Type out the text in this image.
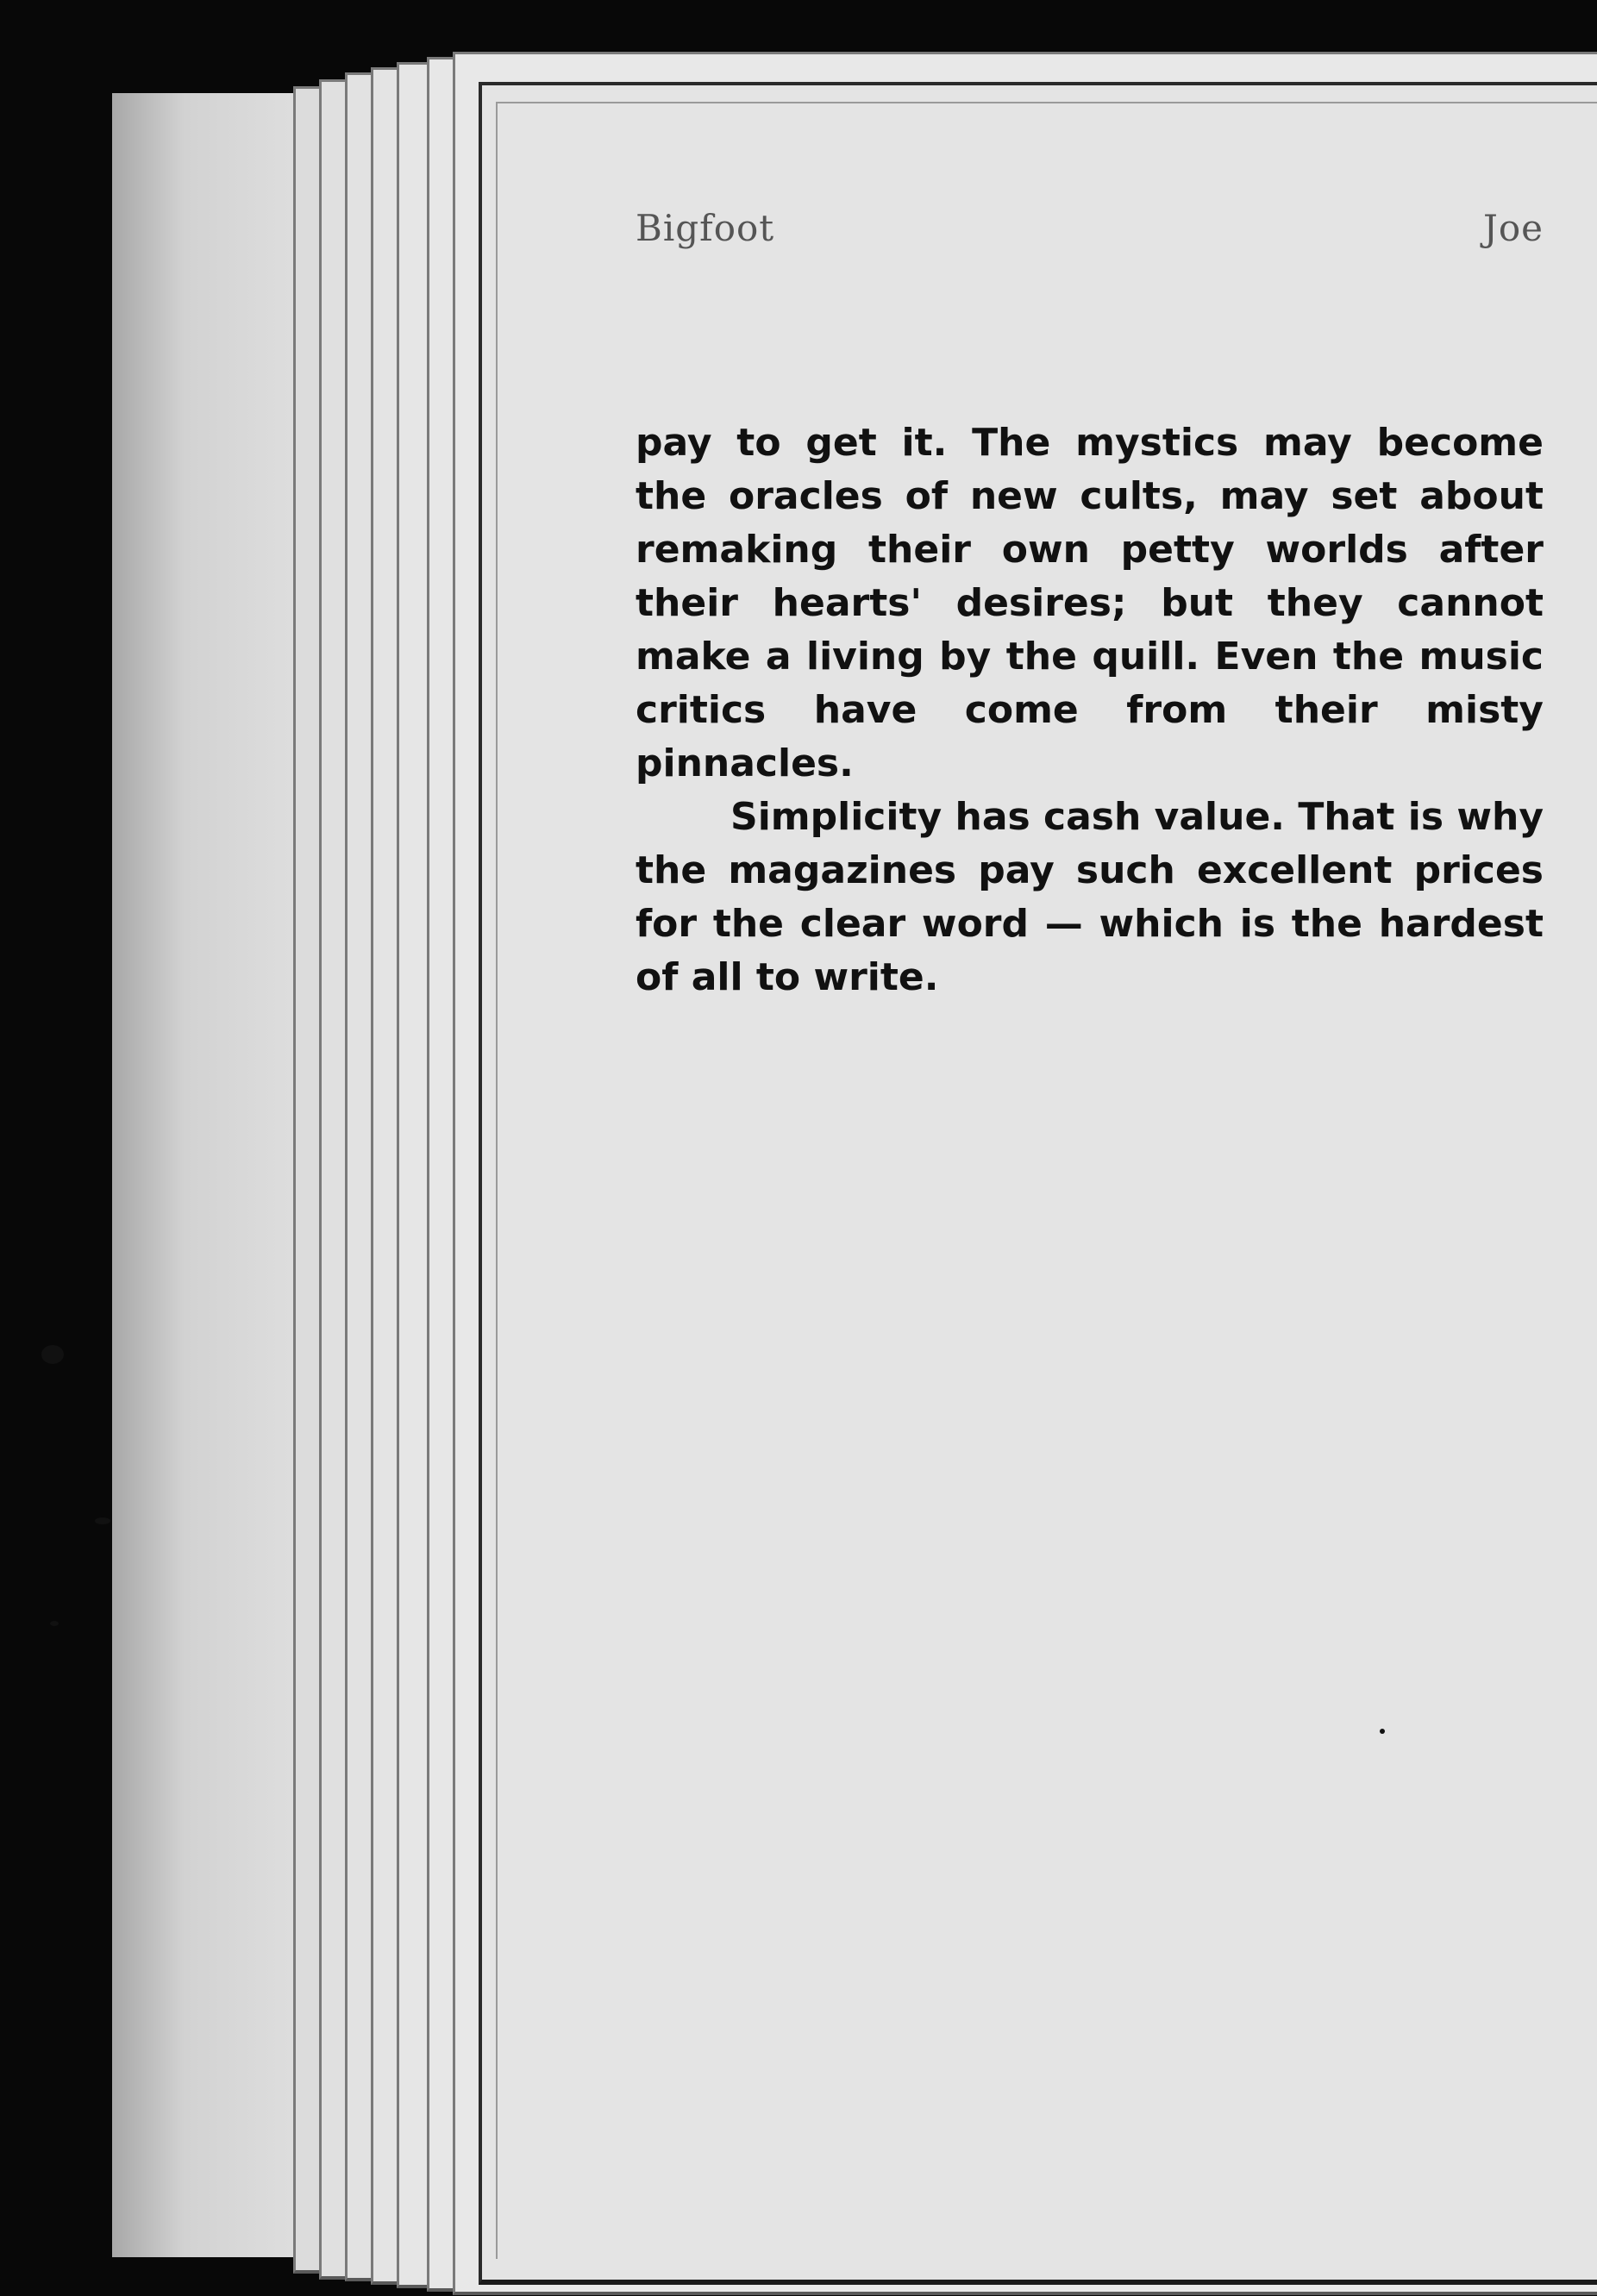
Bigfoot	Joe

pay to get it. The mystics may become the oracles of new cults, may set about remaking their own petty worlds after their hearts' desires; but they cannot make a living by the quill. Even the music critics have come from their misty pinnacles.

Simplicity has cash value. That is why the magazines pay such excellent prices for the clear word — which is the hardest of all to write.
